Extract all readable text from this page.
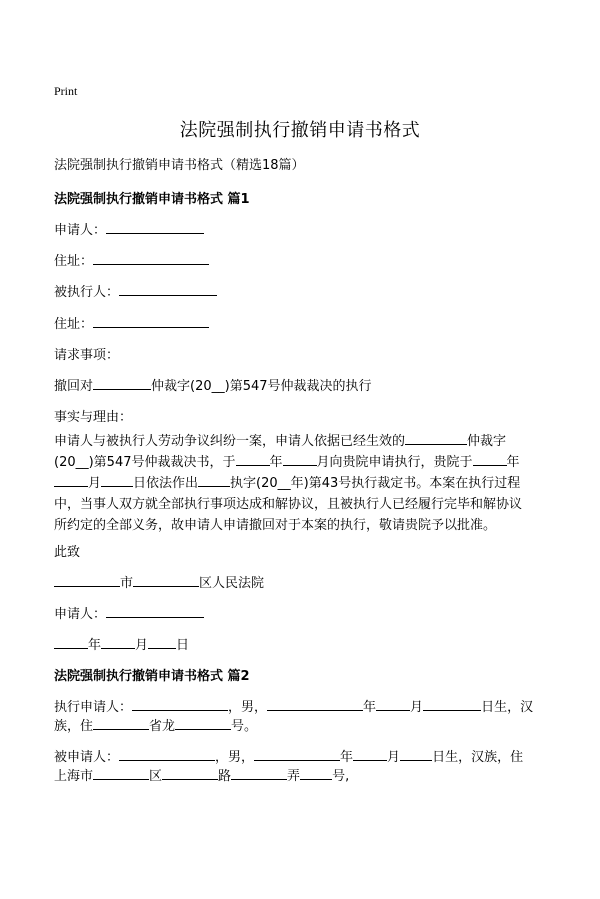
Print
法院强制执行撤销申请书格式
法院强制执行撤销申请书格式（精选18篇）
法院强制执行撤销申请书格式 篇1
申请人：
住址：
被执行人：
住址：
请求事项：
撤回对	仲裁字(20__)第547号仲裁裁决的执行
事实与理由：
申请人与被执行人劳动争议纠纷一案，申请人依据已经生效的	仲裁字
(20__)第547号仲裁裁决书，于	年	月向贵院申请执行，贵院于	年
月 日依法作出 执字(20__年)第43号执行裁定书。本案在执行过程
中，当事人双方就全部执行事项达成和解协议，且被执行人已经履行完毕和解协议
所约定的全部义务，故申请人申请撤回对于本案的执行，敬请贵院予以批准。
此致
市	区人民法院
申请人：
年	月 日
法院强制执行撤销申请书格式 篇2
执行申请人：	，男，	年	月	日生，汉
族，住	省龙	号。
被申请人：	，男，	年	月 日生，汉族，住
上海市	区	路	弄 号,
